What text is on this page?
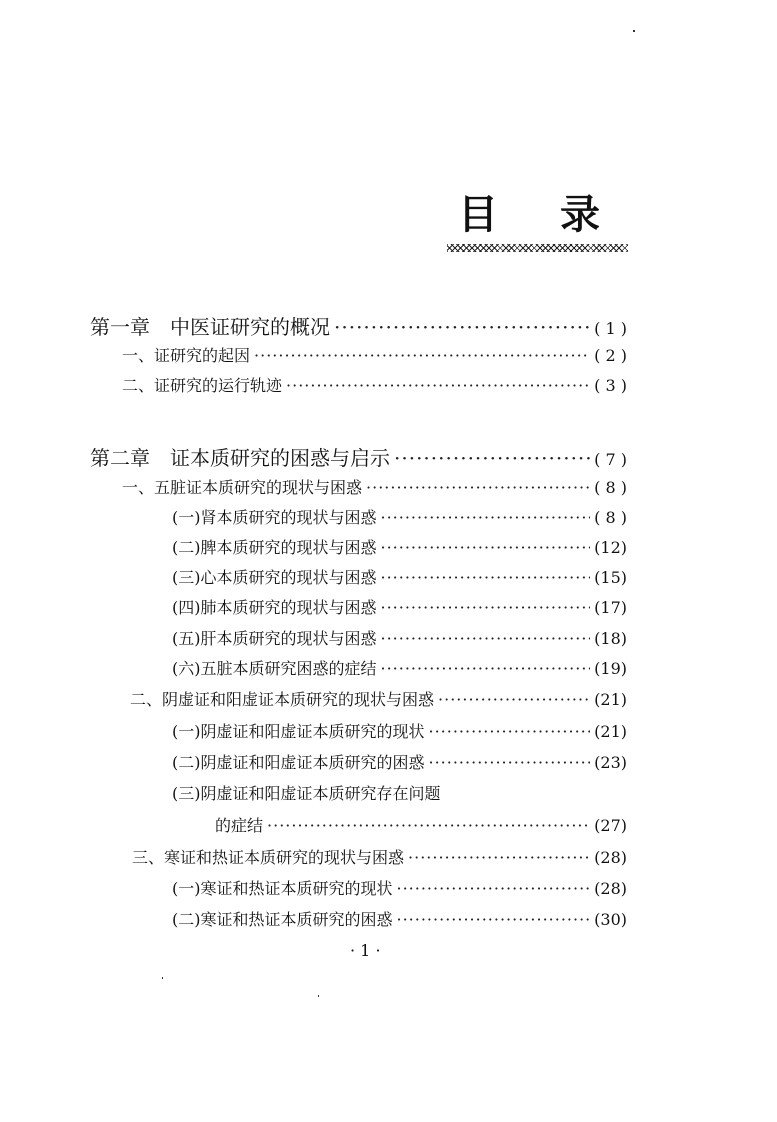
目 录
第一章　中医证研究的概况 ·····	( 1 )
一、证研究的起因 ·····	( 2 )
二、证研究的运行轨迹 ·····	( 3 )
第二章　证本质研究的困惑与启示 ·····	( 7 )
一、五脏证本质研究的现状与困惑 ·····	( 8 )
(一)肾本质研究的现状与困惑 ·····	( 8 )
(二)脾本质研究的现状与困惑 ·····	(12)
(三)心本质研究的现状与困惑 ·····	(15)
(四)肺本质研究的现状与困惑 ·····	(17)
(五)肝本质研究的现状与困惑 ·····	(18)
(六)五脏本质研究困惑的症结 ·····	(19)
二、阴虚证和阳虚证本质研究的现状与困惑 ·····	(21)
(一)阴虚证和阳虚证本质研究的现状 ·····	(21)
(二)阴虚证和阳虚证本质研究的困惑 ·····	(23)
(三)阴虚证和阳虚证本质研究存在问题
的症结 ·····	(27)
三、寒证和热证本质研究的现状与困惑 ·····	(28)
(一)寒证和热证本质研究的现状 ·····	(28)
(二)寒证和热证本质研究的困惑 ·····	(30)
· 1 ·
